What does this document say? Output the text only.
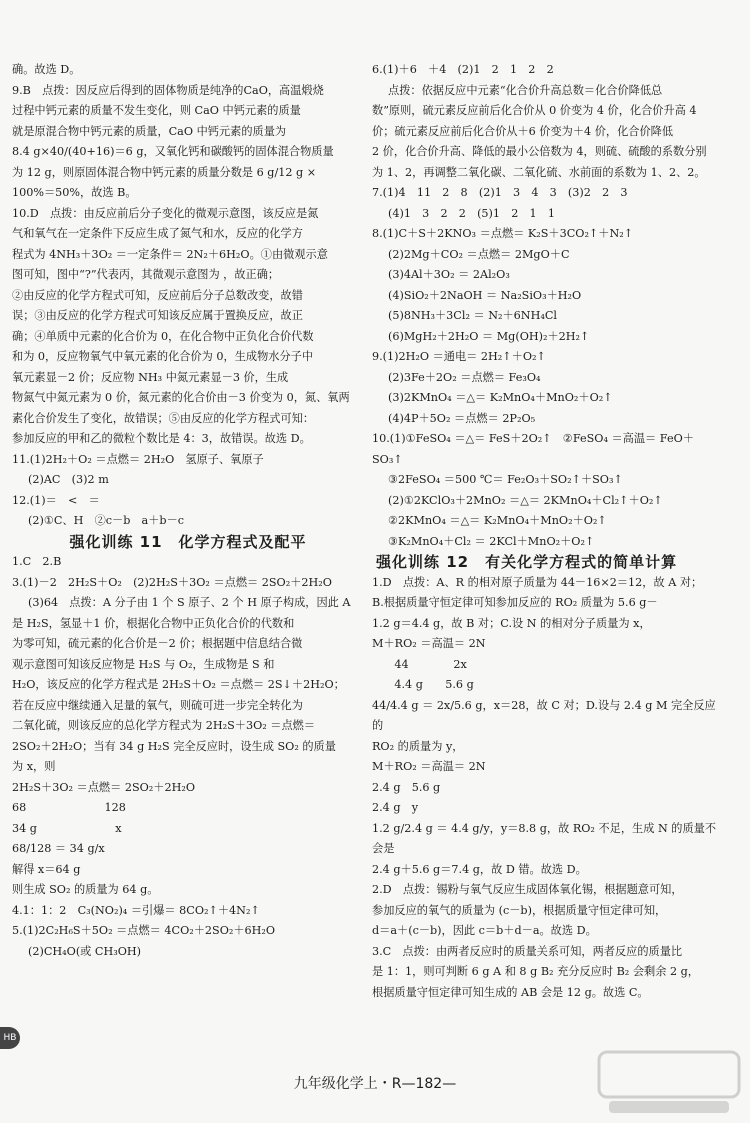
确。故选 D。

9.B　点拨：因反应后得到的固体物质是纯净的CaO，高温煅烧

过程中钙元素的质量不发生变化，则 CaO 中钙元素的质量

就是原混合物中钙元素的质量，CaO 中钙元素的质量为

8.4 g×40/(40+16)＝6 g，又氧化钙和碳酸钙的固体混合物质量

为 12 g，则原固体混合物中钙元素的质量分数是 6 g/12 g ×

100%＝50%，故选 B。

10.D　点拨：由反应前后分子变化的微观示意图，该反应是氮

气和氧气在一定条件下反应生成了氮气和水，反应的化学方

程式为 4NH₃＋3O₂ ＝一定条件＝ 2N₂＋6H₂O。①由微观示意

图可知，图中“?”代表丙，其微观示意图为 ，故正确；

②由反应的化学方程式可知，反应前后分子总数改变，故错

误；③由反应的化学方程式可知该反应属于置换反应，故正

确；④单质中元素的化合价为 0，在化合物中正负化合价代数

和为 0，反应物氧气中氧元素的化合价为 0，生成物水分子中

氧元素显－2 价；反应物 NH₃ 中氮元素显－3 价，生成

物氮气中氮元素为 0 价，氮元素的化合价由－3 价变为 0，氮、氧两

素化合价发生了变化，故错误；⑤由反应的化学方程式可知：

参加反应的甲和乙的微粒个数比是 4：3，故错误。故选 D。

11.(1)2H₂＋O₂ ＝点燃＝ 2H₂O　氢原子、氧原子

(2)AC　(3)2 m

12.(1)＝　<　＝

(2)①C、H　②c－b　a＋b－c

强化训练 11　化学方程式及配平

1.C　2.B

3.(1)－2　2H₂S＋O₂　(2)2H₂S＋3O₂ ＝点燃＝ 2SO₂＋2H₂O

(3)64　点拨：A 分子由 1 个 S 原子、2 个 H 原子构成，因此 A

是 H₂S，氢显＋1 价，根据化合物中正负化合价的代数和

为零可知，硫元素的化合价是－2 价；根据题中信息结合微

观示意图可知该反应物是 H₂S 与 O₂，生成物是 S 和

H₂O，该反应的化学方程式是 2H₂S＋O₂ ＝点燃＝ 2S↓＋2H₂O；

若在反应中继续通入足量的氧气，则硫可进一步完全转化为

二氧化硫，则该反应的总化学方程式为 2H₂S＋3O₂ ＝点燃＝

2SO₂＋2H₂O；当有 34 g H₂S 完全反应时，设生成 SO₂ 的质量

为 x，则

2H₂S＋3O₂ ＝点燃＝ 2SO₂＋2H₂O

68　　　　　　　128

34 g　　　　　　　x

68/128 ＝ 34 g/x

解得 x＝64 g

则生成 SO₂ 的质量为 64 g。

4.1：1：2　C₃(NO₂)₄ ＝引爆＝ 8CO₂↑＋4N₂↑

5.(1)2C₂H₆S＋5O₂ ＝点燃＝ 4CO₂＋2SO₂＋6H₂O

(2)CH₄O(或 CH₃OH)

6.(1)＋6　＋4　(2)1　2　1　2　2

点拨：依据反应中元素“化合价升高总数＝化合价降低总

数”原则，硫元素反应前后化合价从 0 价变为 4 价，化合价升高 4

价；硫元素反应前后化合价从＋6 价变为＋4 价，化合价降低

2 价，化合价升高、降低的最小公倍数为 4，则硫、硫酸的系数分别

为 1、2，再调整二氧化碳、二氧化硫、水前面的系数为 1、2、2。

7.(1)4　11　2　8　(2)1　3　4　3　(3)2　2　3

(4)1　3　2　2　(5)1　2　1　1

8.(1)C＋S＋2KNO₃ ＝点燃＝ K₂S＋3CO₂↑＋N₂↑

(2)2Mg＋CO₂ ＝点燃＝ 2MgO＋C

(3)4Al＋3O₂ ＝ 2Al₂O₃

(4)SiO₂＋2NaOH ＝ Na₂SiO₃＋H₂O

(5)8NH₃＋3Cl₂ ＝ N₂＋6NH₄Cl

(6)MgH₂＋2H₂O ＝ Mg(OH)₂＋2H₂↑

9.(1)2H₂O ＝通电＝ 2H₂↑＋O₂↑

(2)3Fe＋2O₂ ＝点燃＝ Fe₃O₄

(3)2KMnO₄ ＝△＝ K₂MnO₄＋MnO₂＋O₂↑

(4)4P＋5O₂ ＝点燃＝ 2P₂O₅

10.(1)①FeSO₄ ＝△＝ FeS＋2O₂↑　②FeSO₄ ＝高温＝ FeO＋SO₃↑

③2FeSO₄ ＝500 ℃＝ Fe₂O₃＋SO₂↑＋SO₃↑

(2)①2KClO₃＋2MnO₂ ＝△＝ 2KMnO₄＋Cl₂↑＋O₂↑

②2KMnO₄ ＝△＝ K₂MnO₄＋MnO₂＋O₂↑

③K₂MnO₄＋Cl₂ ＝ 2KCl＋MnO₂＋O₂↑

强化训练 12　有关化学方程式的简单计算

1.D　点拨：A、R 的相对原子质量为 44－16×2＝12，故 A 对；

B.根据质量守恒定律可知参加反应的 RO₂ 质量为 5.6 g－

1.2 g＝4.4 g，故 B 对；C.设 N 的相对分子质量为 x，

M＋RO₂ ＝高温＝ 2N

　　44　　　　2x

　　4.4 g　　5.6 g

44/4.4 g ＝ 2x/5.6 g，x＝28，故 C 对；D.设与 2.4 g M 完全反应的

RO₂ 的质量为 y，

M＋RO₂ ＝高温＝ 2N

2.4 g　5.6 g

2.4 g　y

1.2 g/2.4 g ＝ 4.4 g/y，y＝8.8 g，故 RO₂ 不足，生成 N 的质量不会是

2.4 g＋5.6 g＝7.4 g，故 D 错。故选 D。

2.D　点拨：锡粉与氧气反应生成固体氧化锡，根据题意可知，

参加反应的氧气的质量为 (c－b)，根据质量守恒定律可知，

d＝a＋(c－b)，因此 c＝b＋d－a。故选 D。

3.C　点拨：由两者反应时的质量关系可知，两者反应的质量比

是 1：1，则可判断 6 g A 和 8 g B₂ 充分反应时 B₂ 会剩余 2 g，

根据质量守恒定律可知生成的 AB 会是 12 g。故选 C。

HB
九年级化学上・R—182—
